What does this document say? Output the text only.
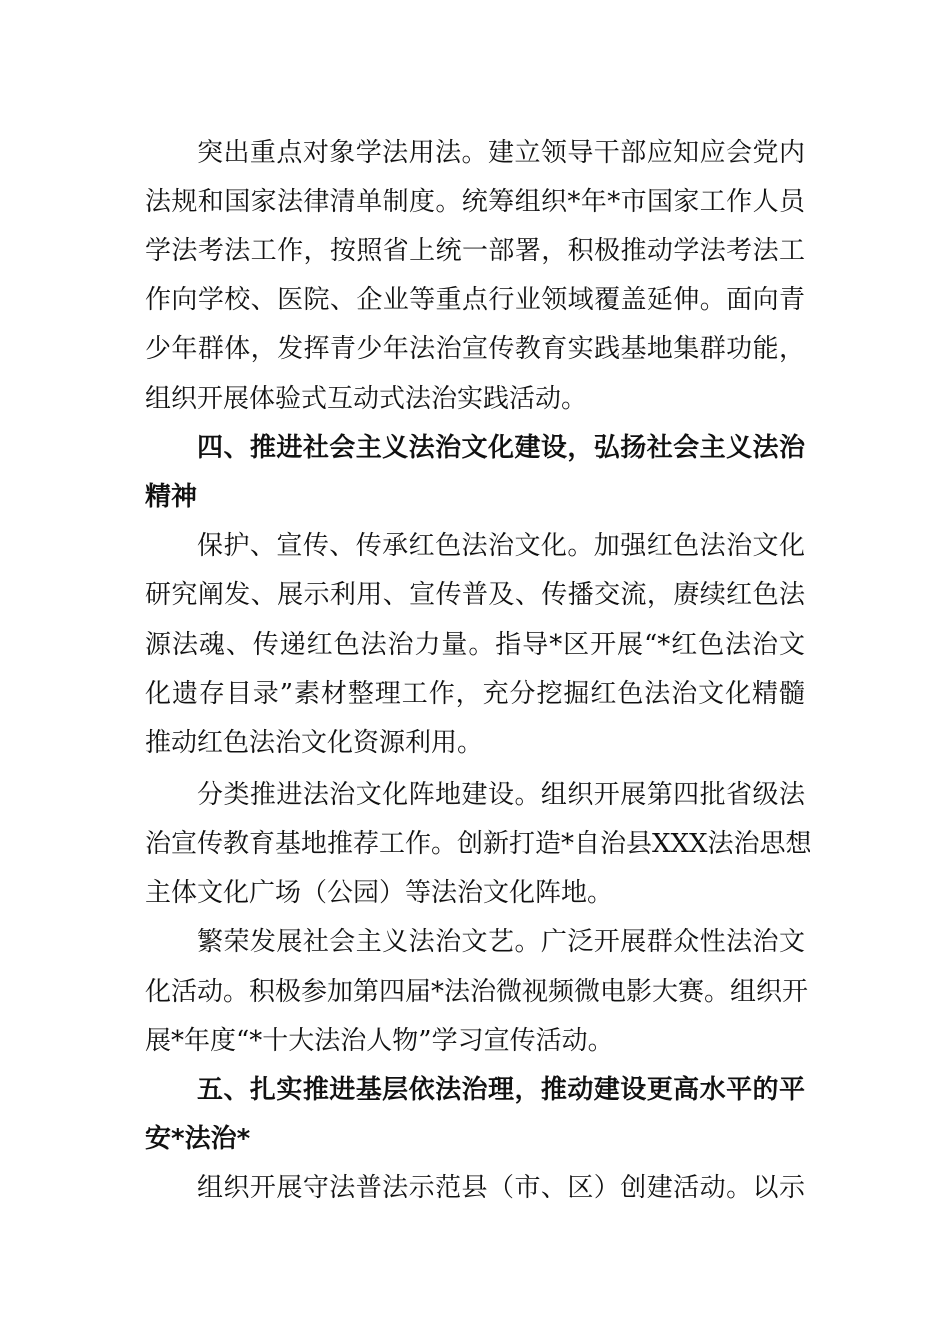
突出重点对象学法用法。建立领导干部应知应会党内
法规和国家法律清单制度。统筹组织*年*市国家工作人员
学法考法工作，按照省上统一部署，积极推动学法考法工
作向学校、医院、企业等重点行业领域覆盖延伸。面向青
少年群体，发挥青少年法治宣传教育实践基地集群功能，
组织开展体验式互动式法治实践活动。
四、推进社会主义法治文化建设，弘扬社会主义法治
精神
保护、宣传、传承红色法治文化。加强红色法治文化
研究阐发、展示利用、宣传普及、传播交流，赓续红色法
源法魂、传递红色法治力量。指导*区开展“*红色法治文
化遗存目录”素材整理工作，充分挖掘红色法治文化精髓
推动红色法治文化资源利用。
分类推进法治文化阵地建设。组织开展第四批省级法
治宣传教育基地推荐工作。创新打造*自治县XXX法治思想
主体文化广场（公园）等法治文化阵地。
繁荣发展社会主义法治文艺。广泛开展群众性法治文
化活动。积极参加第四届*法治微视频微电影大赛。组织开
展*年度“*十大法治人物”学习宣传活动。
五、扎实推进基层依法治理，推动建设更高水平的平
安*法治*
组织开展守法普法示范县（市、区）创建活动。以示
